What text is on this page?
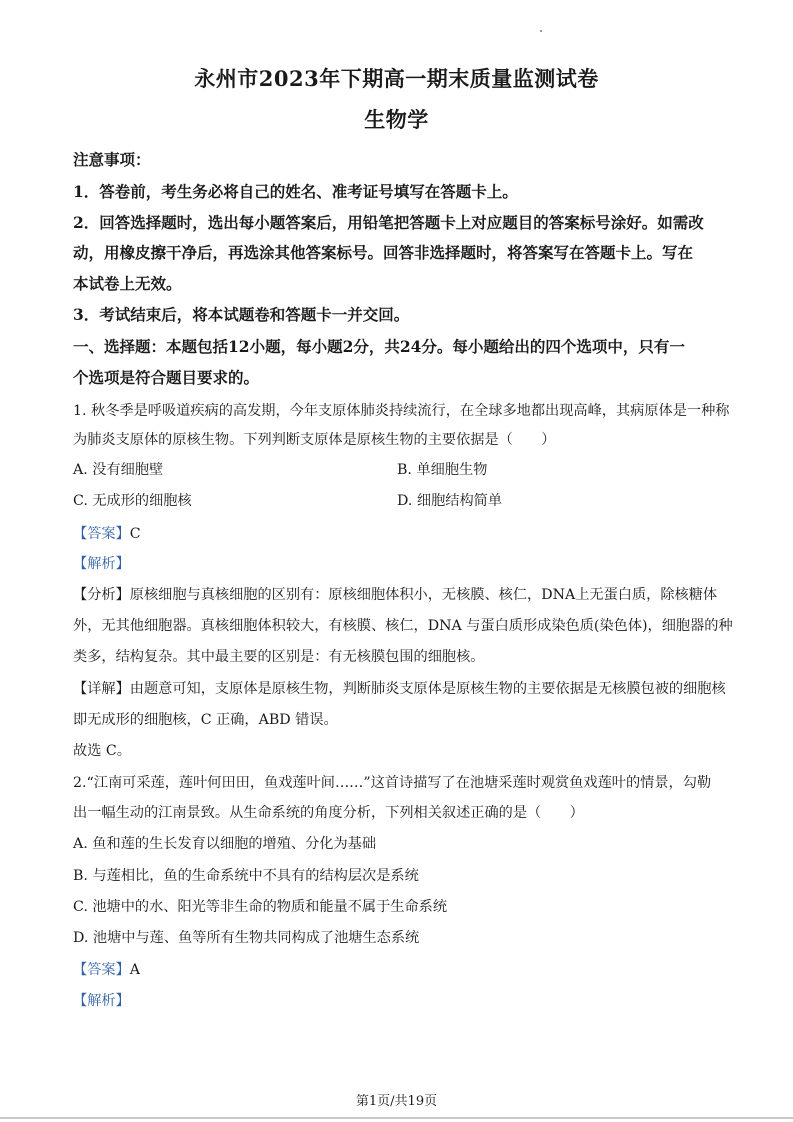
永州市2023年下期高一期末质量监测试卷
生物学
注意事项：
1．答卷前，考生务必将自己的姓名、准考证号填写在答题卡上。
2．回答选择题时，选出每小题答案后，用铅笔把答题卡上对应题目的答案标号涂好。如需改
动，用橡皮擦干净后，再选涂其他答案标号。回答非选择题时，将答案写在答题卡上。写在
本试卷上无效。
3．考试结束后，将本试题卷和答题卡一并交回。
一、选择题：本题包括12小题，每小题2分，共24分。每小题给出的四个选项中，只有一
个选项是符合题目要求的。
1. 秋冬季是呼吸道疾病的高发期，今年支原体肺炎持续流行，在全球多地都出现高峰，其病原体是一种称
为肺炎支原体的原核生物。下列判断支原体是原核生物的主要依据是（　　）
A. 没有细胞壁	B. 单细胞生物
C. 无成形的细胞核	D. 细胞结构简单
【答案】C
【解析】
【分析】原核细胞与真核细胞的区别有：原核细胞体积小，无核膜、核仁，DNA上无蛋白质，除核糖体
外，无其他细胞器。真核细胞体积较大，有核膜、核仁，DNA 与蛋白质形成染色质(染色体)，细胞器的种
类多，结构复杂。其中最主要的区别是：有无核膜包围的细胞核。
【详解】由题意可知，支原体是原核生物，判断肺炎支原体是原核生物的主要依据是无核膜包被的细胞核
即无成形的细胞核，C 正确，ABD 错误。
故选 C。
2.“江南可采莲，莲叶何田田，鱼戏莲叶间……”这首诗描写了在池塘采莲时观赏鱼戏莲叶的情景，勾勒
出一幅生动的江南景致。从生命系统的角度分析，下列相关叙述正确的是（　　）
A. 鱼和莲的生长发育以细胞的增殖、分化为基础
B. 与莲相比，鱼的生命系统中不具有的结构层次是系统
C. 池塘中的水、阳光等非生命的物质和能量不属于生命系统
D. 池塘中与莲、鱼等所有生物共同构成了池塘生态系统
【答案】A
【解析】
第1页/共19页
